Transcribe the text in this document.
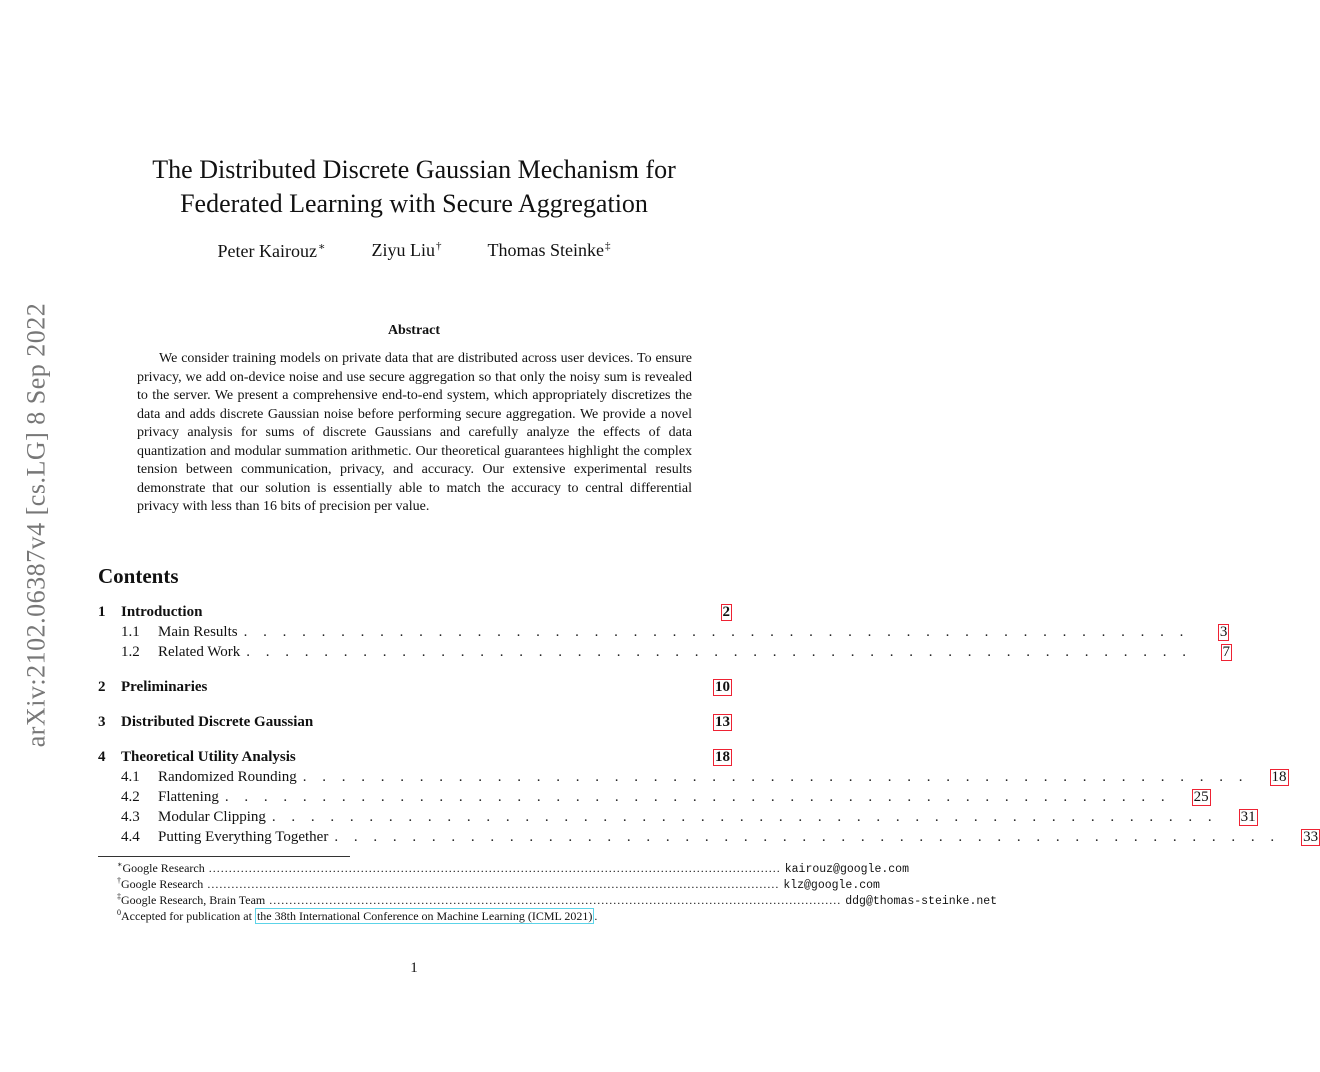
arXiv:2102.06387v4 [cs.LG] 8 Sep 2022
The Distributed Discrete Gaussian Mechanism for
Federated Learning with Secure Aggregation
Peter Kairouz∗	Ziyu Liu†	Thomas Steinke‡
Abstract

We consider training models on private data that are distributed across user devices. To ensure privacy, we add on-device noise and use secure aggregation so that only the noisy sum is revealed to the server. We present a comprehensive end-to-end system, which appropriately discretizes the data and adds discrete Gaussian noise before performing secure aggregation. We provide a novel privacy analysis for sums of discrete Gaussians and carefully analyze the effects of data quantization and modular summation arithmetic. Our theoretical guarantees highlight the complex tension between communication, privacy, and accuracy. Our extensive experimental results demonstrate that our solution is essentially able to match the accuracy to central differential privacy with less than 16 bits of precision per value.

Contents
1	Introduction	2
1.1	Main Results . . . . . . . . . . . . . . . . . . . . . . . . . . . . . . . . . . . . . . . . . . . . . . . . .	3
1.2	Related Work . . . . . . . . . . . . . . . . . . . . . . . . . . . . . . . . . . . . . . . . . . . . . . . . .	7
2	Preliminaries	10
3	Distributed Discrete Gaussian	13
4	Theoretical Utility Analysis	18
4.1	Randomized Rounding . . . . . . . . . . . . . . . . . . . . . . . . . . . . . . . . . . . . . . . . . . . . . . . . .	18
4.2	Flattening . . . . . . . . . . . . . . . . . . . . . . . . . . . . . . . . . . . . . . . . . . . . . . . . .	25
4.3	Modular Clipping . . . . . . . . . . . . . . . . . . . . . . . . . . . . . . . . . . . . . . . . . . . . . . . . .	31
4.4	Putting Everything Together . . . . . . . . . . . . . . . . . . . . . . . . . . . . . . . . . . . . . . . . . . . . . . . . .	33
∗Google Research ............................................................................................................................................... kairouz@google.com
†Google Research ............................................................................................................................................... klz@google.com
‡Google Research, Brain Team ............................................................................................................................................... ddg@thomas-steinke.net
$^0$Accepted for publication at the 38th International Conference on Machine Learning (ICML 2021) .
1
